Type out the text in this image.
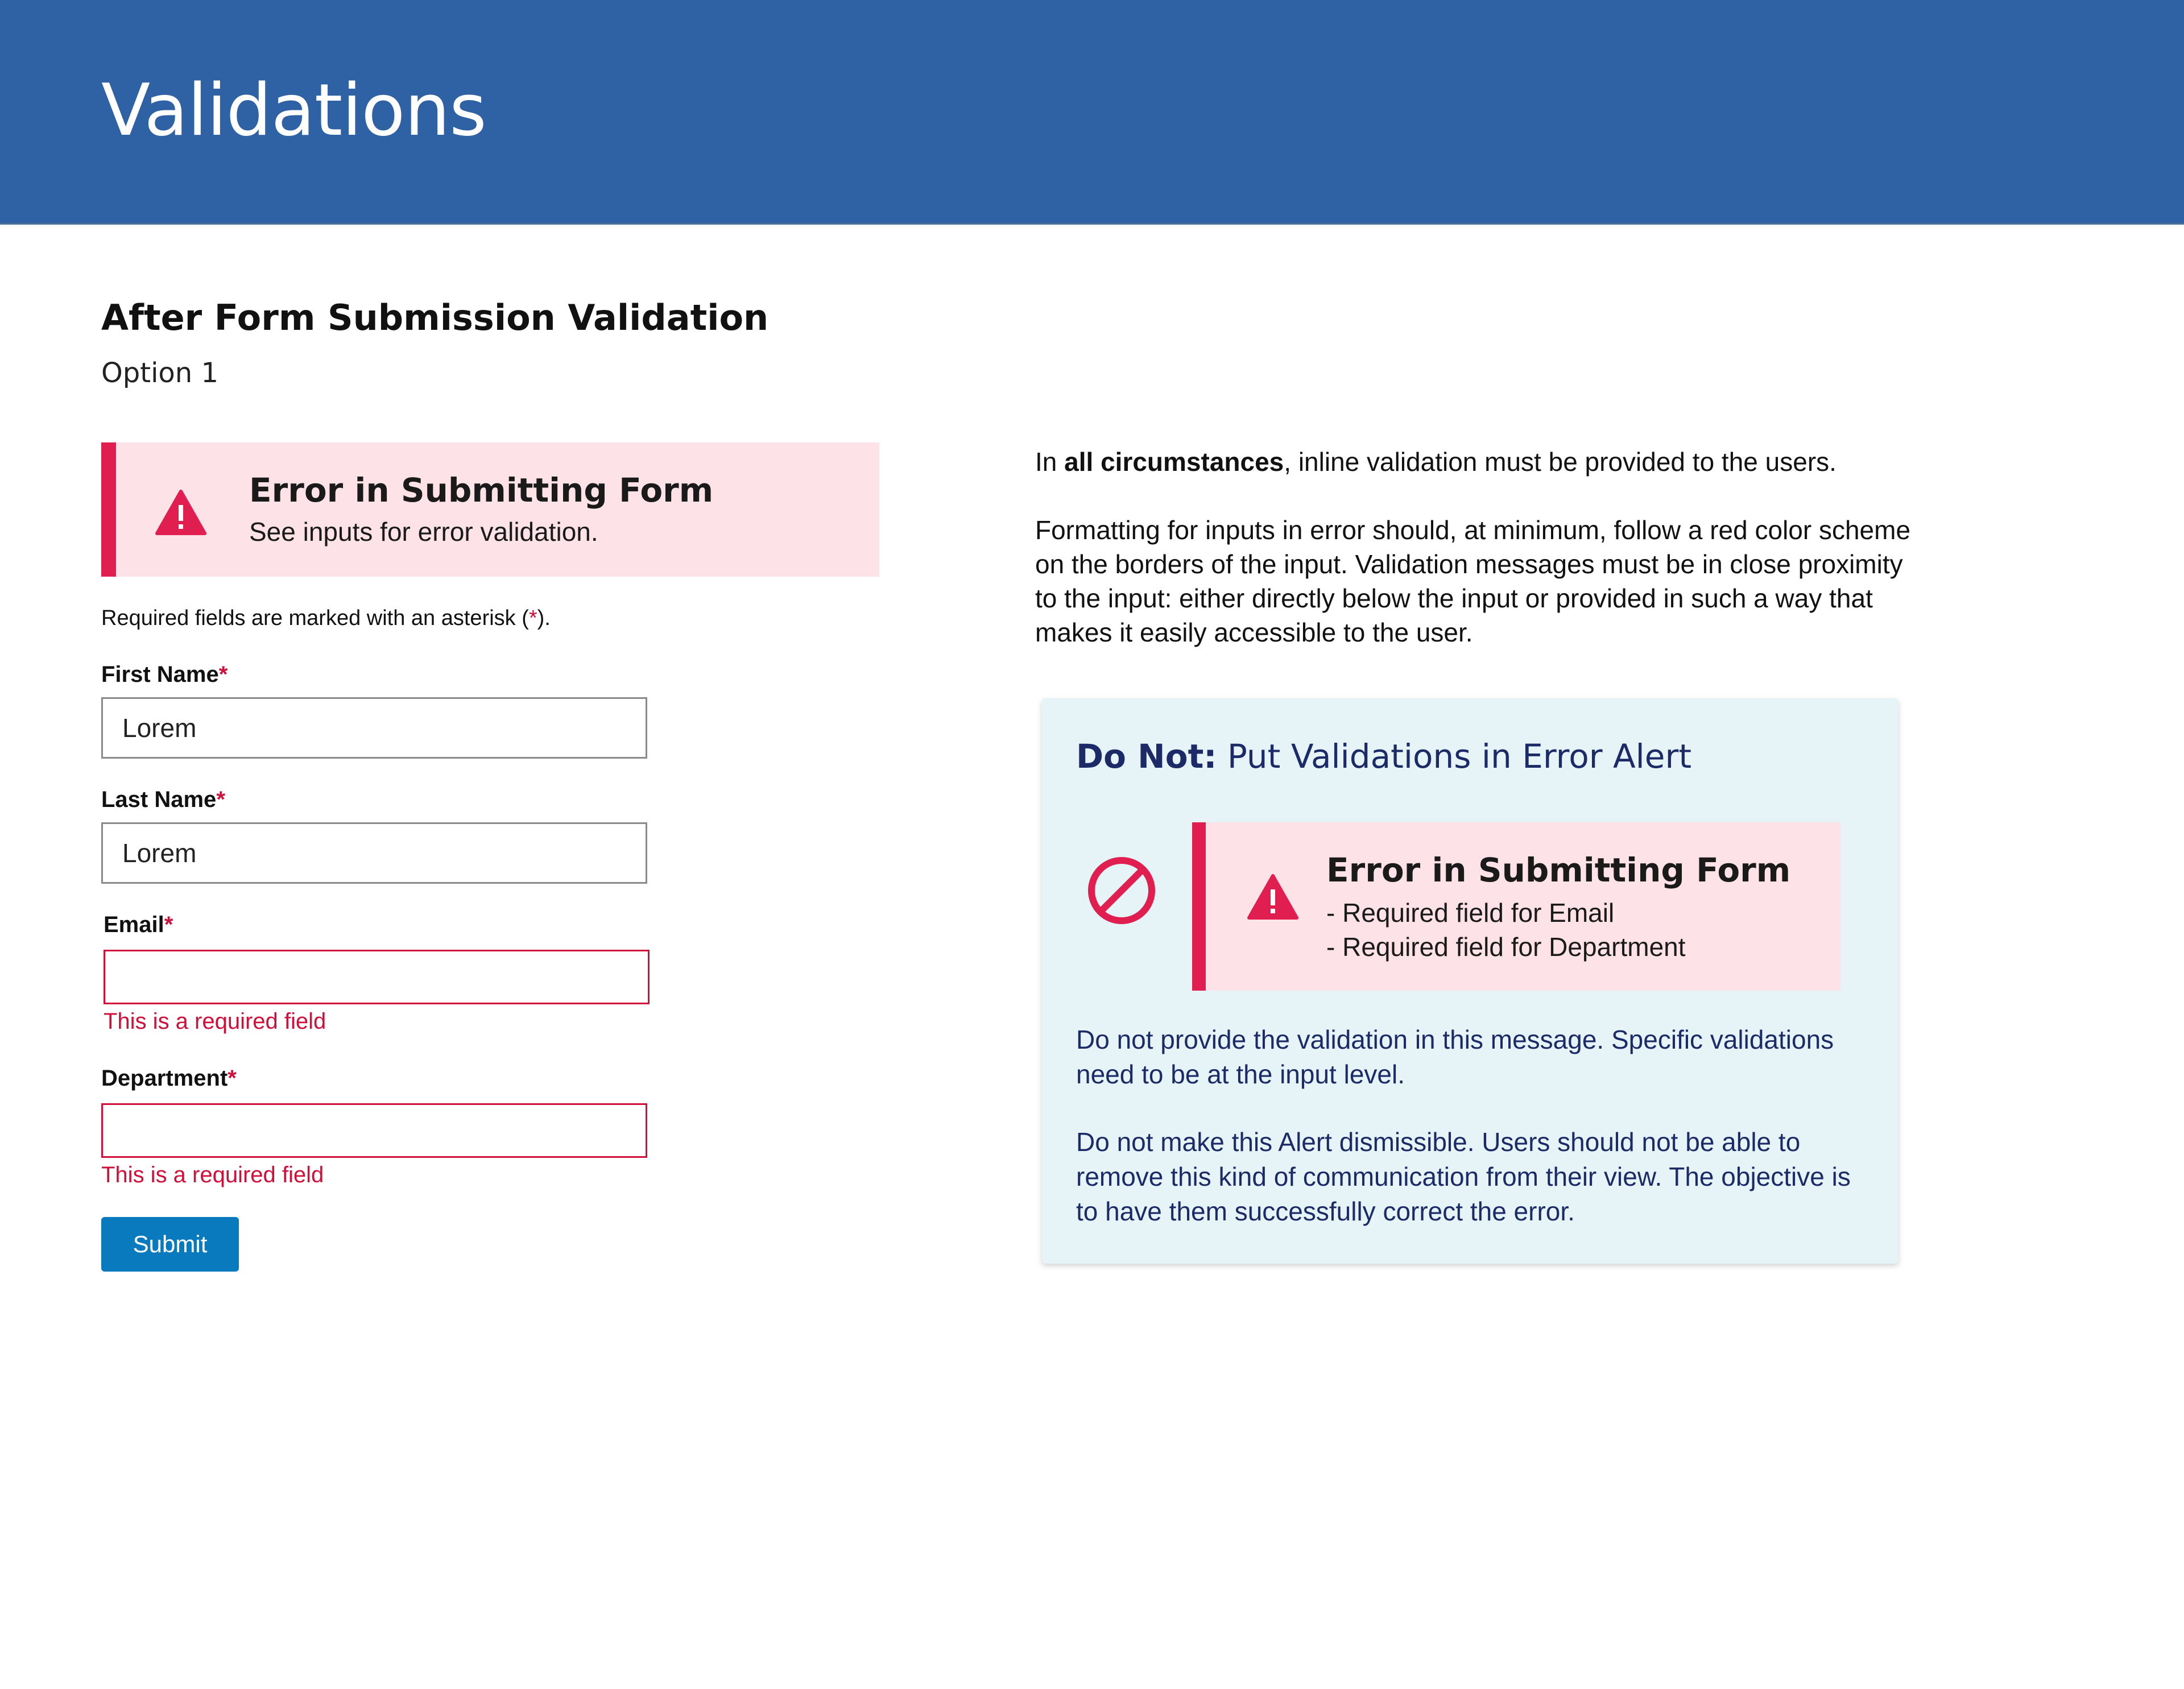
Validations
After Form Submission Validation
Option 1
Error in Submitting Form
See inputs for error validation.
Required fields are marked with an asterisk (*).
First Name*
Lorem
Last Name*
Lorem
Email*
This is a required field
Department*
This is a required field
Submit
In all circumstances, inline validation must be provided to the users.
Formatting for inputs in error should, at minimum, follow a red color scheme on the borders of the input. Validation messages must be in close proximity to the input: either directly below the input or provided in such a way that makes it easily accessible to the user.
Do Not: Put Validations in Error Alert
Error in Submitting Form
- Required field for Email
- Required field for Department
Do not provide the validation in this message. Specific validations need to be at the input level.
Do not make this Alert dismissible. Users should not be able to remove this kind of communication from their view. The objective is to have them successfully correct the error.
